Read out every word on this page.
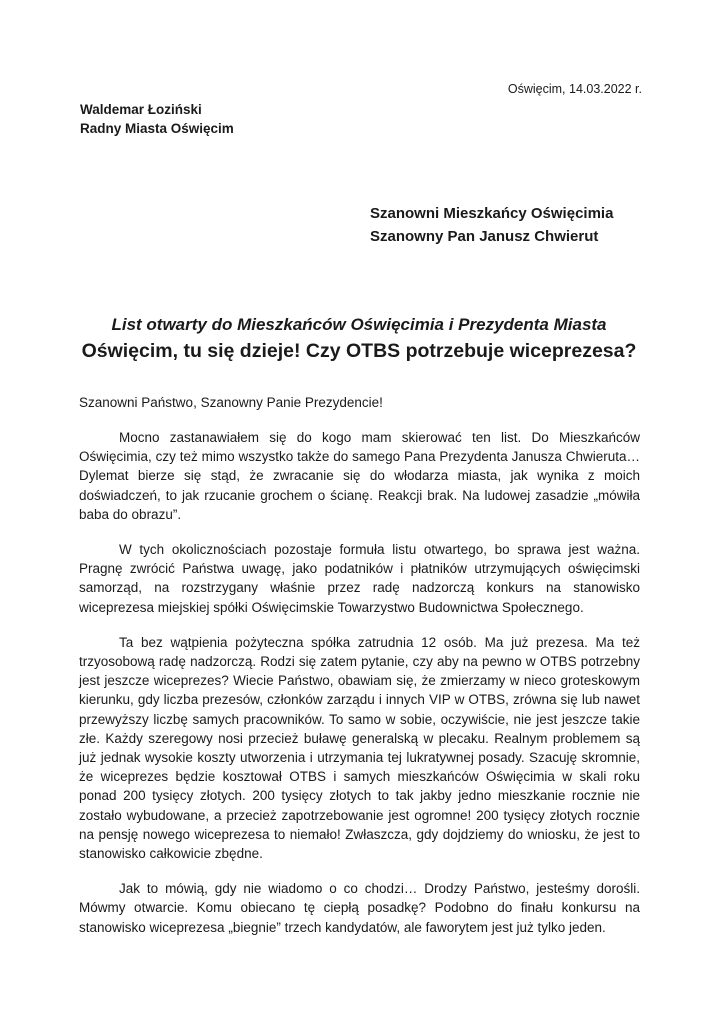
Oświęcim, 14.03.2022 r.
Waldemar Łoziński
Radny Miasta Oświęcim
Szanowni Mieszkańcy Oświęcimia
Szanowny Pan Janusz Chwierut
List otwarty do Mieszkańców Oświęcimia i Prezydenta Miasta
Oświęcim, tu się dzieje! Czy OTBS potrzebuje wiceprezesa?
Szanowni Państwo, Szanowny Panie Prezydencie!

Mocno zastanawiałem się do kogo mam skierować ten list. Do Mieszkańców Oświęcimia, czy też mimo wszystko także do samego Pana Prezydenta Janusza Chwieruta… Dylemat bierze się stąd, że zwracanie się do włodarza miasta, jak wynika z moich doświadczeń, to jak rzucanie grochem o ścianę. Reakcji brak. Na ludowej zasadzie „mówiła baba do obrazu”.

W tych okolicznościach pozostaje formuła listu otwartego, bo sprawa jest ważna. Pragnę zwrócić Państwa uwagę, jako podatników i płatników utrzymujących oświęcimski samorząd, na rozstrzygany właśnie przez radę nadzorczą konkurs na stanowisko wiceprezesa miejskiej spółki Oświęcimskie Towarzystwo Budownictwa Społecznego.

Ta bez wątpienia pożyteczna spółka zatrudnia 12 osób. Ma już prezesa. Ma też trzyosobową radę nadzorczą. Rodzi się zatem pytanie, czy aby na pewno w OTBS potrzebny jest jeszcze wiceprezes? Wiecie Państwo, obawiam się, że zmierzamy w nieco groteskowym kierunku, gdy liczba prezesów, członków zarządu i innych VIP w OTBS, zrówna się lub nawet przewyższy liczbę samych pracowników. To samo w sobie, oczywiście, nie jest jeszcze takie złe. Każdy szeregowy nosi przecież buławę generalską w plecaku. Realnym problemem są już jednak wysokie koszty utworzenia i utrzymania tej lukratywnej posady. Szacuję skromnie, że wiceprezes będzie kosztował OTBS i samych mieszkańców Oświęcimia w skali roku ponad 200 tysięcy złotych. 200 tysięcy złotych to tak jakby jedno mieszkanie rocznie nie zostało wybudowane, a przecież zapotrzebowanie jest ogromne! 200 tysięcy złotych rocznie na pensję nowego wiceprezesa to niemało! Zwłaszcza, gdy dojdziemy do wniosku, że jest to stanowisko całkowicie zbędne.

Jak to mówią, gdy nie wiadomo o co chodzi… Drodzy Państwo, jesteśmy dorośli. Mówmy otwarcie. Komu obiecano tę ciepłą posadkę? Podobno do finału konkursu na stanowisko wiceprezesa „biegnie” trzech kandydatów, ale faworytem jest już tylko jeden.
